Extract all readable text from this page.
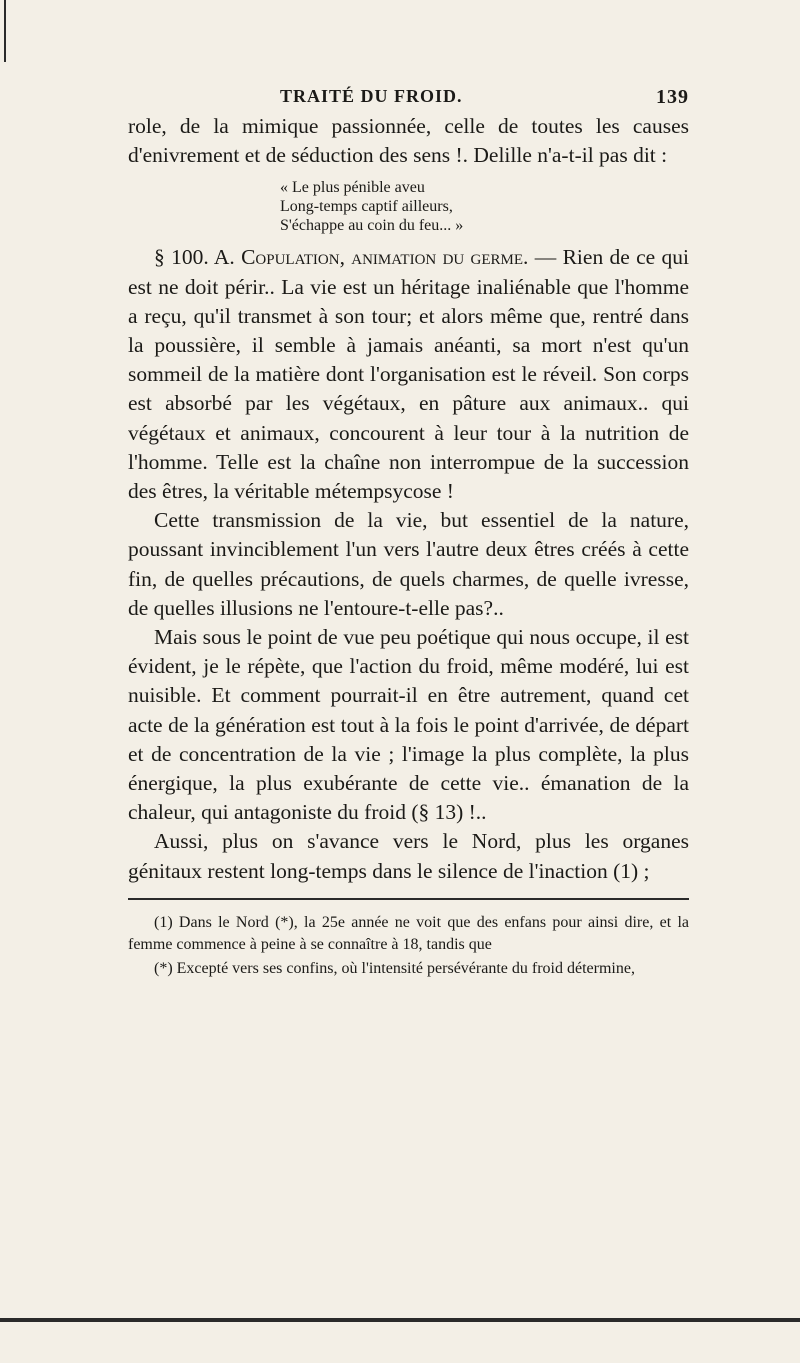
TRAITÉ DU FROID.	139

role, de la mimique passionnée, celle de toutes les causes d'enivrement et de séduction des sens !. Delille n'a-t-il pas dit :

« Le plus pénible aveu
Long-temps captif ailleurs,
S'échappe au coin du feu... »

§ 100. A. Copulation, animation du germe. — Rien de ce qui est ne doit périr.. La vie est un héritage inaliénable que l'homme a reçu, qu'il transmet à son tour; et alors même que, rentré dans la poussière, il semble à jamais anéanti, sa mort n'est qu'un sommeil de la matière dont l'organisation est le réveil. Son corps est absorbé par les végétaux, en pâture aux animaux.. qui végétaux et animaux, concourent à leur tour à la nutrition de l'homme. Telle est la chaîne non interrompue de la succession des êtres, la véritable métempsycose !

Cette transmission de la vie, but essentiel de la nature, poussant invinciblement l'un vers l'autre deux êtres créés à cette fin, de quelles précautions, de quels charmes, de quelle ivresse, de quelles illusions ne l'entoure-t-elle pas?..

Mais sous le point de vue peu poétique qui nous occupe, il est évident, je le répète, que l'action du froid, même modéré, lui est nuisible. Et comment pourrait-il en être autrement, quand cet acte de la génération est tout à la fois le point d'arrivée, de départ et de concentration de la vie ; l'image la plus complète, la plus énergique, la plus exubérante de cette vie.. émanation de la chaleur, qui antagoniste du froid (§ 13) !..

Aussi, plus on s'avance vers le Nord, plus les organes génitaux restent long-temps dans le silence de l'inaction (1) ;

(1) Dans le Nord (*), la 25e année ne voit que des enfans pour ainsi dire, et la femme commence à peine à se connaître à 18, tandis que

(*) Excepté vers ses confins, où l'intensité persévérante du froid détermine,
